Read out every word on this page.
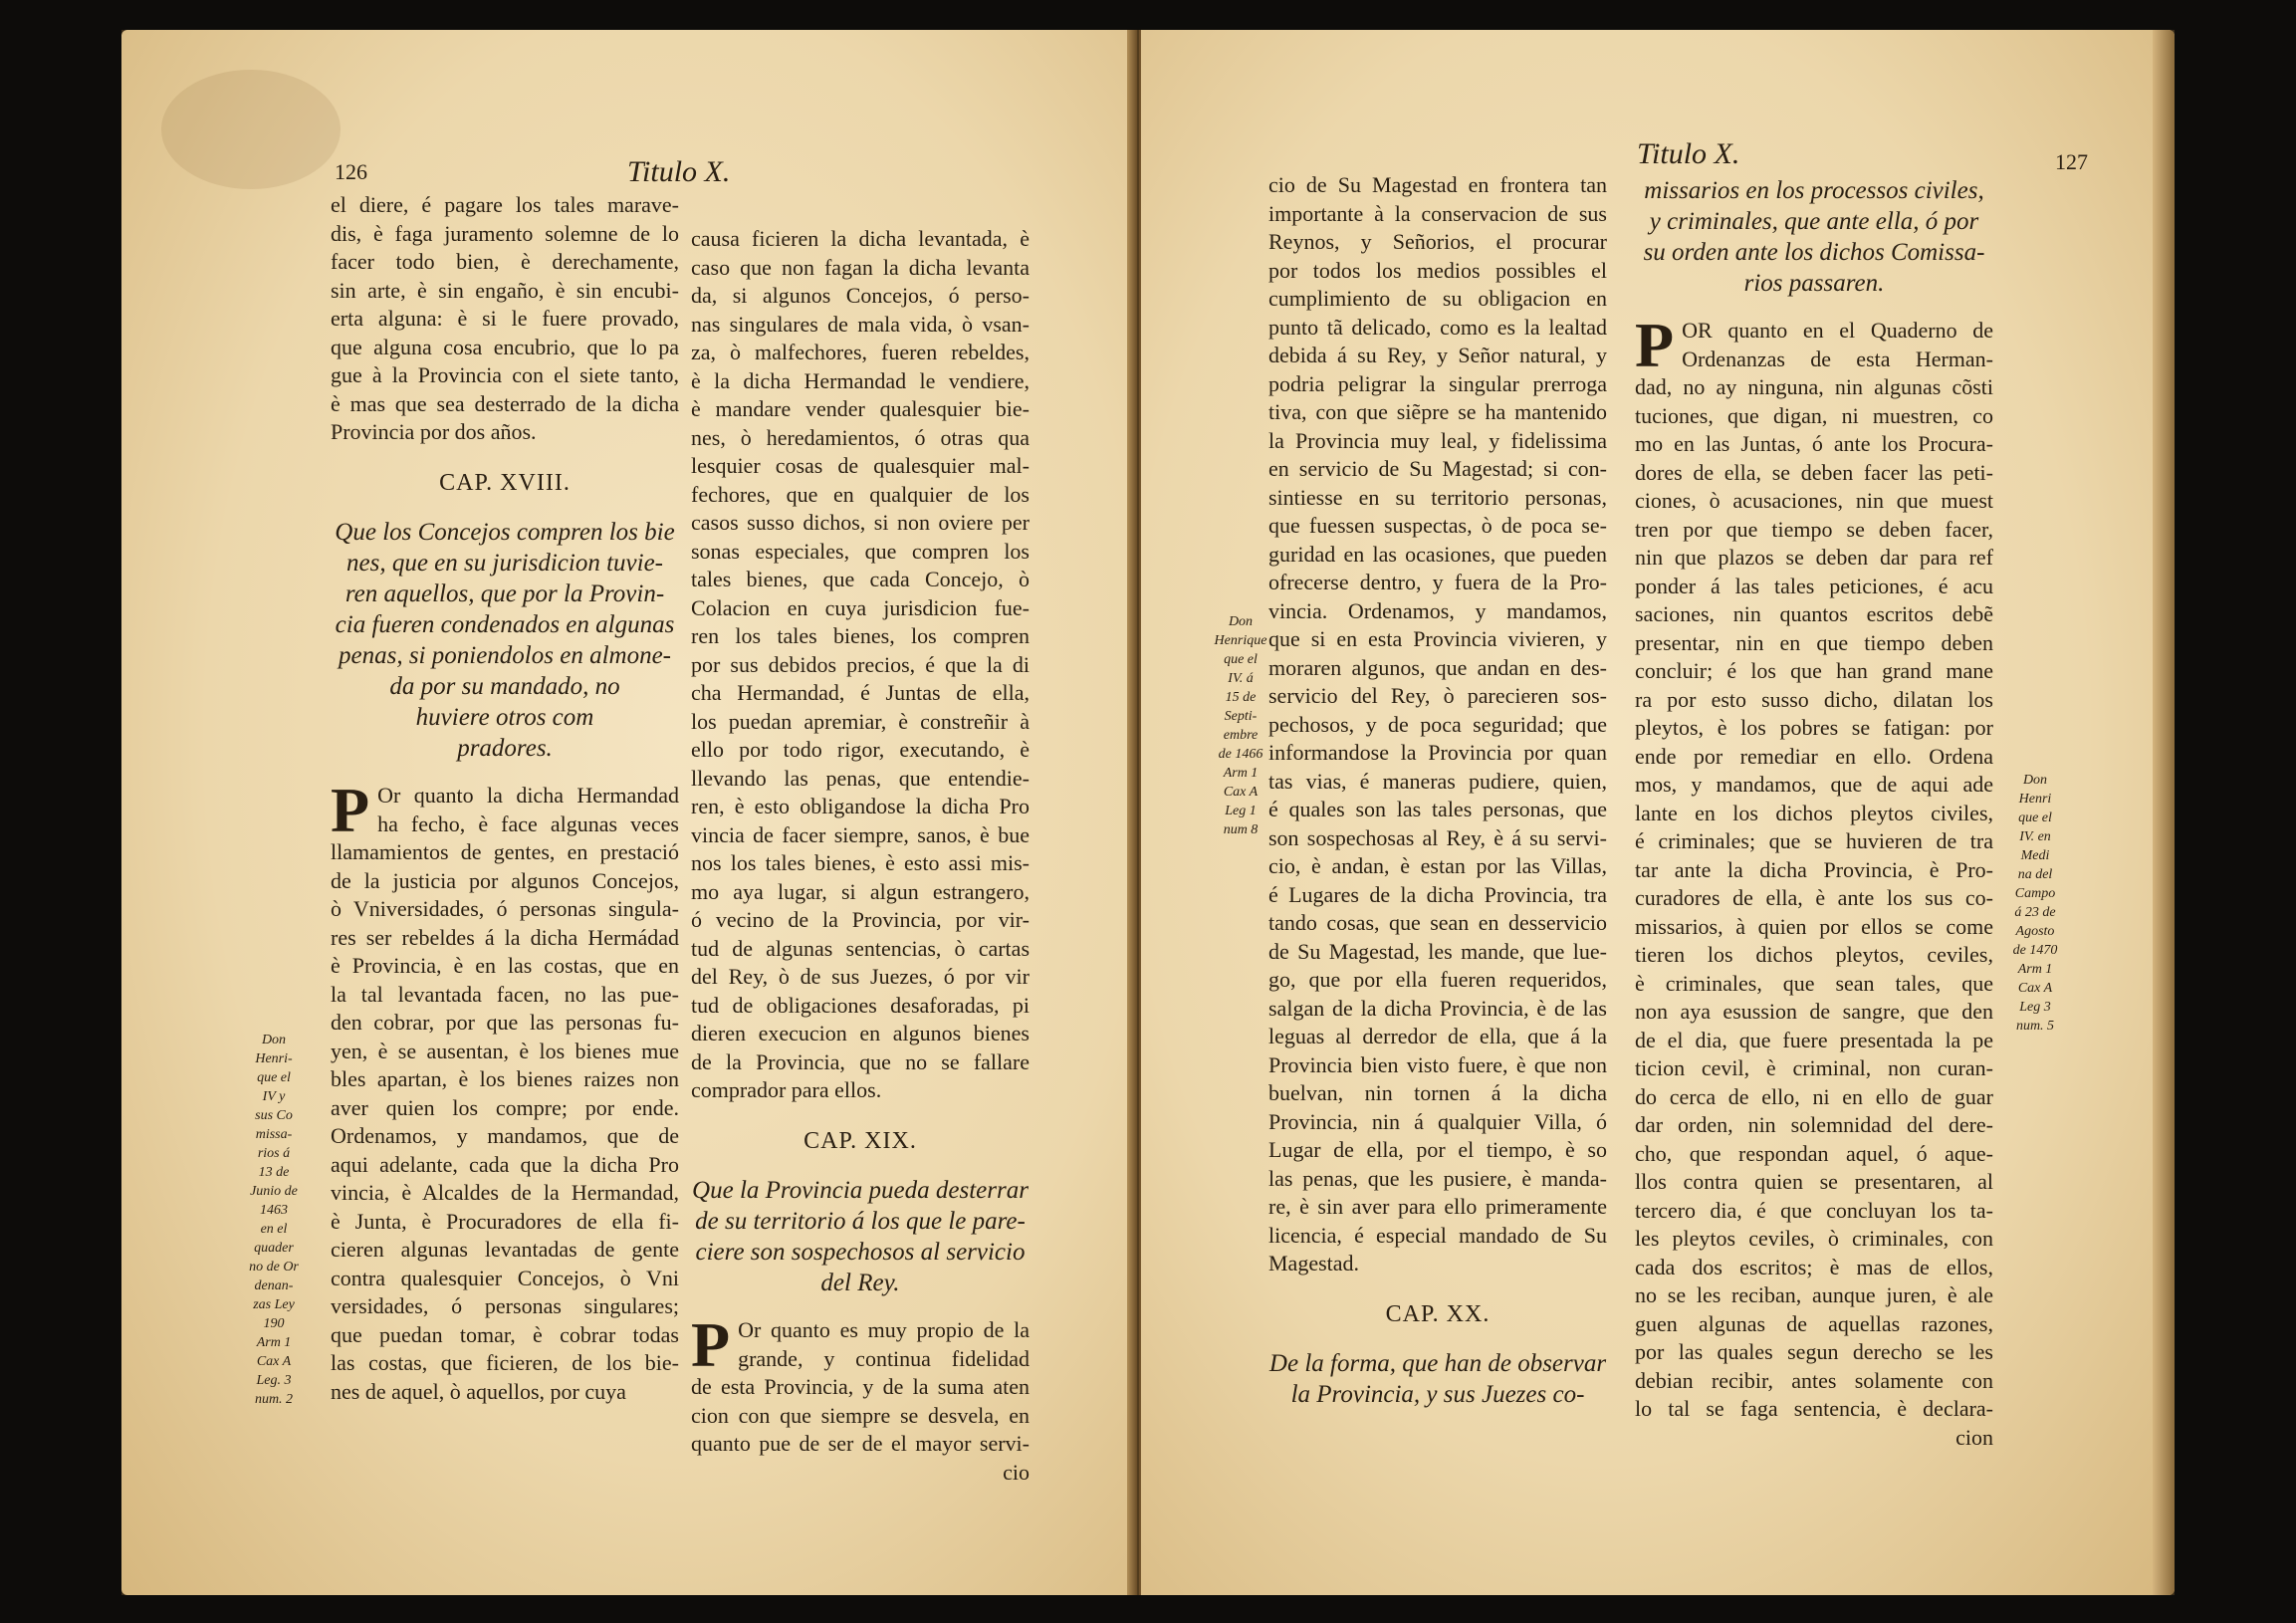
126	Titulo X.
el diere, é pagare los tales marave-
dis, è faga juramento solemne de lo
facer todo bien, è derechamente,
sin arte, è sin engaño, è sin encubi-
erta alguna: è si le fuere provado,
que alguna cosa encubrio, que lo pa
gue à la Provincia con el siete tanto,
è mas que sea desterrado de la dicha
Provincia por dos años.
CAP. XVIII.
Que los Concejos compren los bie
nes, que en su jurisdicion tuvie-
ren aquellos, que por la Provin-
cia fueren condenados en algunas
penas, si poniendolos en almone-
da por su mandado, no
huviere otros com
pradores.
P Or quanto la dicha Hermandad
ha fecho, è face algunas veces
llamamientos de gentes, en prestació
de la justicia por algunos Concejos,
ò Vniversidades, ó personas singula-
res ser rebeldes á la dicha Hermádad
è Provincia, è en las costas, que en
la tal levantada facen, no las pue-
den cobrar, por que las personas fu-
yen, è se ausentan, è los bienes mue
bles apartan, è los bienes raizes non
aver quien los compre; por ende.
Ordenamos, y mandamos, que de
aqui adelante, cada que la dicha Pro
vincia, è Alcaldes de la Hermandad,
è Junta, è Procuradores de ella fi-
cieren algunas levantadas de gente
contra qualesquier Concejos, ò Vni
versidades, ó personas singulares;
que puedan tomar, è cobrar todas
las costas, que ficieren, de los bie-
nes de aquel, ò aquellos, por cuya
Don
Henri-
que el
IV y
sus Co
missa-
rios á
13 de
Junio de
1463
en el
quader
no de Or
denan-
zas Ley
190
Arm 1
Cax A
Leg. 3
num. 2
causa ficieren la dicha levantada, è
caso que non fagan la dicha levanta
da, si algunos Concejos, ó perso-
nas singulares de mala vida, ò vsan-
za, ò malfechores, fueren rebeldes,
è la dicha Hermandad le vendiere,
è mandare vender qualesquier bie-
nes, ò heredamientos, ó otras qua
lesquier cosas de qualesquier mal-
fechores, que en qualquier de los
casos susso dichos, si non oviere per
sonas especiales, que compren los
tales bienes, que cada Concejo, ò
Colacion en cuya jurisdicion fue-
ren los tales bienes, los compren
por sus debidos precios, é que la di
cha Hermandad, é Juntas de ella,
los puedan apremiar, è constreñir à
ello por todo rigor, executando, è
llevando las penas, que entendie-
ren, è esto obligandose la dicha Pro
vincia de facer siempre, sanos, è bue
nos los tales bienes, è esto assi mis-
mo aya lugar, si algun estrangero,
ó vecino de la Provincia, por vir-
tud de algunas sentencias, ò cartas
del Rey, ò de sus Juezes, ó por vir
tud de obligaciones desaforadas, pi
dieren execucion en algunos bienes
de la Provincia, que no se fallare
comprador para ellos.
CAP. XIX.
Que la Provincia pueda desterrar
de su territorio á los que le pare-
ciere son sospechosos al servicio
del Rey.
P Or quanto es muy propio de la
grande, y continua fidelidad
de esta Provincia, y de la suma aten
cion con que siempre se desvela, en
quanto pue de ser de el mayor servi-
cio
Titulo X.	127
Don
Henrique
que el
IV. á
15 de
Septi-
embre
de 1466
Arm 1
Cax A
Leg 1
num 8
cio de Su Magestad en frontera tan
importante à la conservacion de sus
Reynos, y Señorios, el procurar
por todos los medios possibles el
cumplimiento de su obligacion en
punto tã delicado, como es la lealtad
debida á su Rey, y Señor natural, y
podria peligrar la singular prerroga
tiva, con que siẽpre se ha mantenido
la Provincia muy leal, y fidelissima
en servicio de Su Magestad; si con-
sintiesse en su territorio personas,
que fuessen suspectas, ò de poca se-
guridad en las ocasiones, que pueden
ofrecerse dentro, y fuera de la Pro-
vincia. Ordenamos, y mandamos,
que si en esta Provincia vivieren, y
moraren algunos, que andan en des-
servicio del Rey, ò parecieren sos-
pechosos, y de poca seguridad; que
informandose la Provincia por quan
tas vias, é maneras pudiere, quien,
é quales son las tales personas, que
son sospechosas al Rey, è á su servi-
cio, è andan, è estan por las Villas,
é Lugares de la dicha Provincia, tra
tando cosas, que sean en desservicio
de Su Magestad, les mande, que lue-
go, que por ella fueren requeridos,
salgan de la dicha Provincia, è de las
leguas al derredor de ella, que á la
Provincia bien visto fuere, è que non
buelvan, nin tornen á la dicha
Provincia, nin á qualquier Villa, ó
Lugar de ella, por el tiempo, è so
las penas, que les pusiere, è manda-
re, è sin aver para ello primeramente
licencia, é especial mandado de Su
Magestad.
CAP. XX.
De la forma, que han de observar
la Provincia, y sus Juezes co-
missarios en los processos civiles,
y criminales, que ante ella, ó por
su orden ante los dichos Comissa-
rios passaren.
P OR quanto en el Quaderno de
Ordenanzas de esta Herman-
dad, no ay ninguna, nin algunas cõsti
tuciones, que digan, ni muestren, co
mo en las Juntas, ó ante los Procura-
dores de ella, se deben facer las peti-
ciones, ò acusaciones, nin que muest
tren por que tiempo se deben facer,
nin que plazos se deben dar para ref
ponder á las tales peticiones, é acu
saciones, nin quantos escritos debẽ
presentar, nin en que tiempo deben
concluir; é los que han grand mane
ra por esto susso dicho, dilatan los
pleytos, è los pobres se fatigan: por
ende por remediar en ello. Ordena
mos, y mandamos, que de aqui ade
lante en los dichos pleytos civiles,
é criminales; que se huvieren de tra
tar ante la dicha Provincia, è Pro-
curadores de ella, è ante los sus co-
missarios, à quien por ellos se come
tieren los dichos pleytos, ceviles,
è criminales, que sean tales, que
non aya esussion de sangre, que den
de el dia, que fuere presentada la pe
ticion cevil, è criminal, non curan-
do cerca de ello, ni en ello de guar
dar orden, nin solemnidad del dere-
cho, que respondan aquel, ó aque-
llos contra quien se presentaren, al
tercero dia, é que concluyan los ta-
les pleytos ceviles, ò criminales, con
cada dos escritos; è mas de ellos,
no se les reciban, aunque juren, è ale
guen algunas de aquellas razones,
por las quales segun derecho se les
debian recibir, antes solamente con
lo tal se faga sentencia, è declara-
cion
Don
Henri
que el
IV. en
Medi
na del
Campo
á 23 de
Agosto
de 1470
Arm 1
Cax A
Leg 3
num. 5
